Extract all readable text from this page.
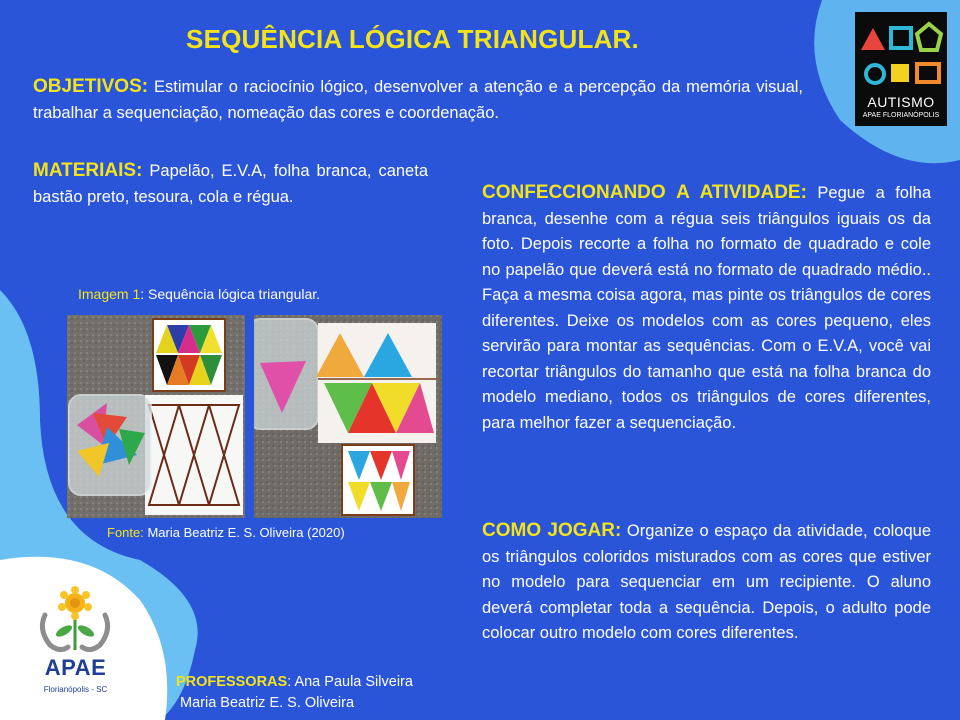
SEQUÊNCIA LÓGICA TRIANGULAR.
OBJETIVOS: Estimular o raciocínio lógico, desenvolver a atenção e a percepção da memória visual, trabalhar a sequenciação, nomeação das cores e coordenação.
MATERIAIS: Papelão, E.V.A, folha branca, caneta bastão preto, tesoura, cola e régua.	CONFECCIONANDO A ATIVIDADE: Pegue a folha branca, desenhe com a régua seis triângulos iguais os da foto. Depois recorte a folha no formato de quadrado e cole no papelão que deverá está no formato de quadrado médio.. Faça a mesma coisa agora, mas pinte os triângulos de cores diferentes. Deixe os modelos com as cores pequeno, eles servirão para montar as sequências. Com o E.V.A, você vai recortar triângulos do tamanho que está na folha branca do modelo mediano, todos os triângulos de cores diferentes, para melhor fazer a sequenciação.
COMO JOGAR: Organize o espaço da atividade, coloque os triângulos coloridos misturados com as cores que estiver no modelo para sequenciar em um recipiente. O aluno deverá completar toda a sequência. Depois, o adulto pode colocar outro modelo com cores diferentes.
Imagem 1: Sequência lógica triangular.
Fonte: Maria Beatriz E. S. Oliveira (2020)
AUTISMO
APAE FLORIANÓPOLIS
APAE
Florianópolis - SC	PROFESSORAS: Ana Paula Silveira
Maria Beatriz E. S. Oliveira
